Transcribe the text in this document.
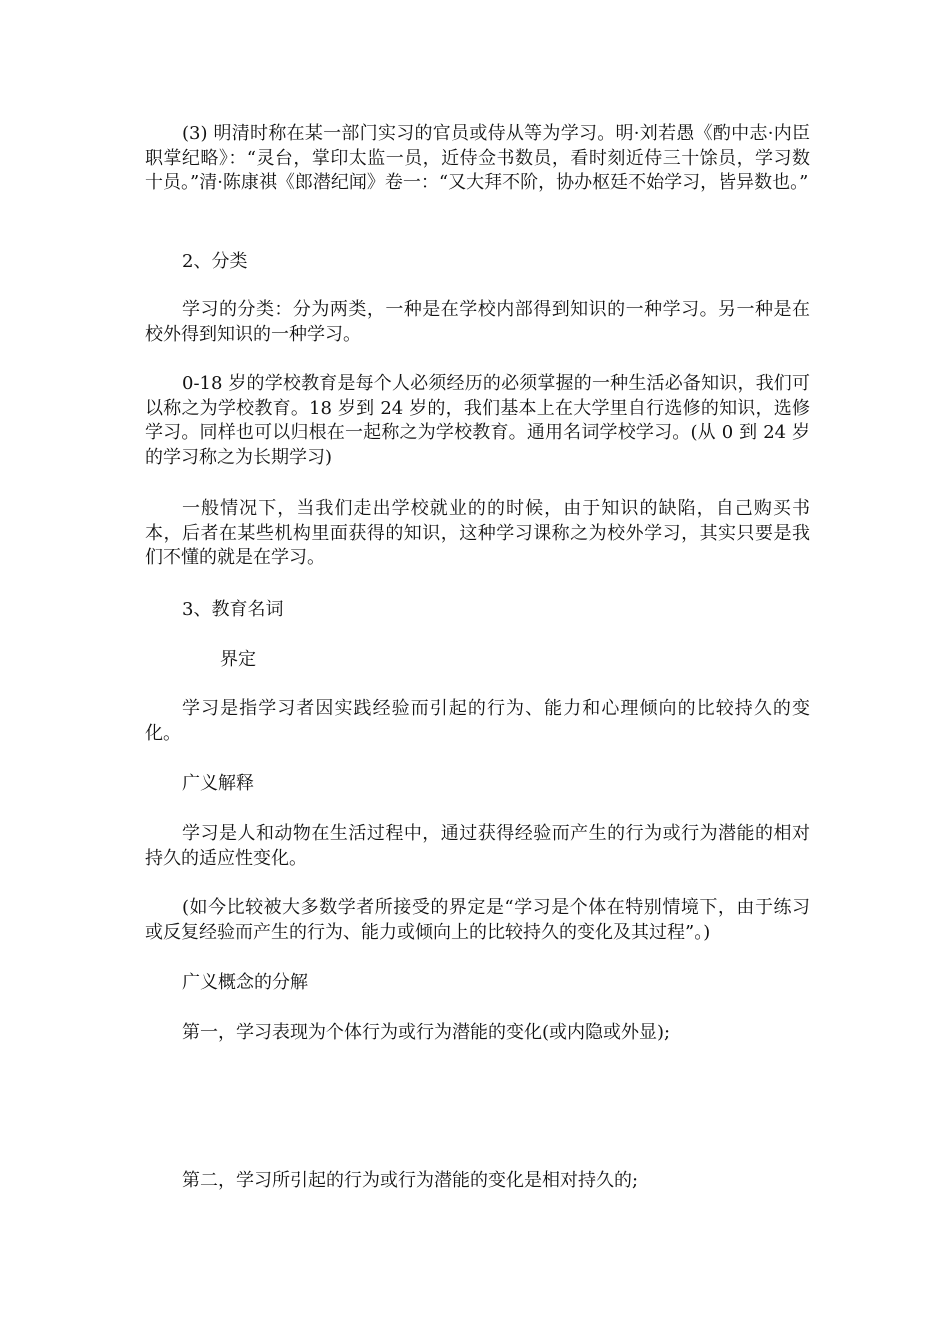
(3) 明清时称在某一部门实习的官员或侍从等为学习。明·刘若愚《酌中志·内臣职掌纪略》：“灵台，掌印太监一员，近侍佥书数员，看时刻近侍三十馀员，学习数十员。”清·陈康祺《郎潜纪闻》卷一：“又大拜不阶，协办枢廷不始学习，皆异数也。”
2、分类
学习的分类：分为两类，一种是在学校内部得到知识的一种学习。另一种是在校外得到知识的一种学习。
0-18 岁的学校教育是每个人必须经历的必须掌握的一种生活必备知识，我们可以称之为学校教育。18 岁到 24 岁的，我们基本上在大学里自行选修的知识，选修学习。同样也可以归根在一起称之为学校教育。通用名词学校学习。(从 0 到 24 岁的学习称之为长期学习)
一般情况下，当我们走出学校就业的的时候，由于知识的缺陷，自己购买书本，后者在某些机构里面获得的知识，这种学习课称之为校外学习，其实只要是我们不懂的就是在学习。
3、教育名词
界定
学习是指学习者因实践经验而引起的行为、能力和心理倾向的比较持久的变化。
广义解释
学习是人和动物在生活过程中，通过获得经验而产生的行为或行为潜能的相对持久的适应性变化。
(如今比较被大多数学者所接受的界定是“学习是个体在特别情境下，由于练习或反复经验而产生的行为、能力或倾向上的比较持久的变化及其过程”。)
广义概念的分解
第一，学习表现为个体行为或行为潜能的变化(或内隐或外显);
第二，学习所引起的行为或行为潜能的变化是相对持久的;
